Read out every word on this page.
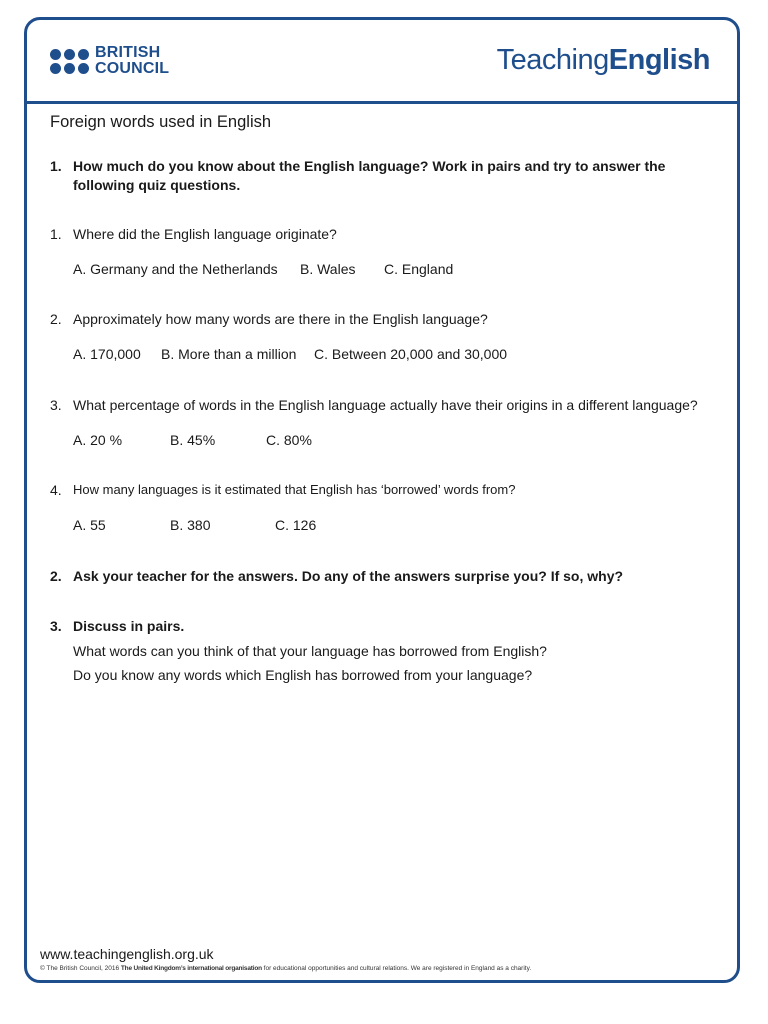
BRITISH
COUNCIL	TeachingEnglish
Foreign words used in English
1. How much do you know about the English language? Work in pairs and try to answer the
following quiz questions.
1. Where did the English language originate?
A. Germany and the Netherlands B. Wales C. England
2. Approximately how many words are there in the English language?
A. 170,000 B. More than a million C. Between 20,000 and 30,000
3. What percentage of words in the English language actually have their origins in a different language?
A. 20 %	B. 45%	C. 80%
4. How many languages is it estimated that English has ‘borrowed’ words from?
A. 55	B. 380	C. 126
2. Ask your teacher for the answers. Do any of the answers surprise you? If so, why?
3. Discuss in pairs.
What words can you think of that your language has borrowed from English?
Do you know any words which English has borrowed from your language?
www.teachingenglish.org.uk
© The British Council, 2016 The United Kingdom’s international organisation for educational opportunities and cultural relations. We are registered in England as a charity.
